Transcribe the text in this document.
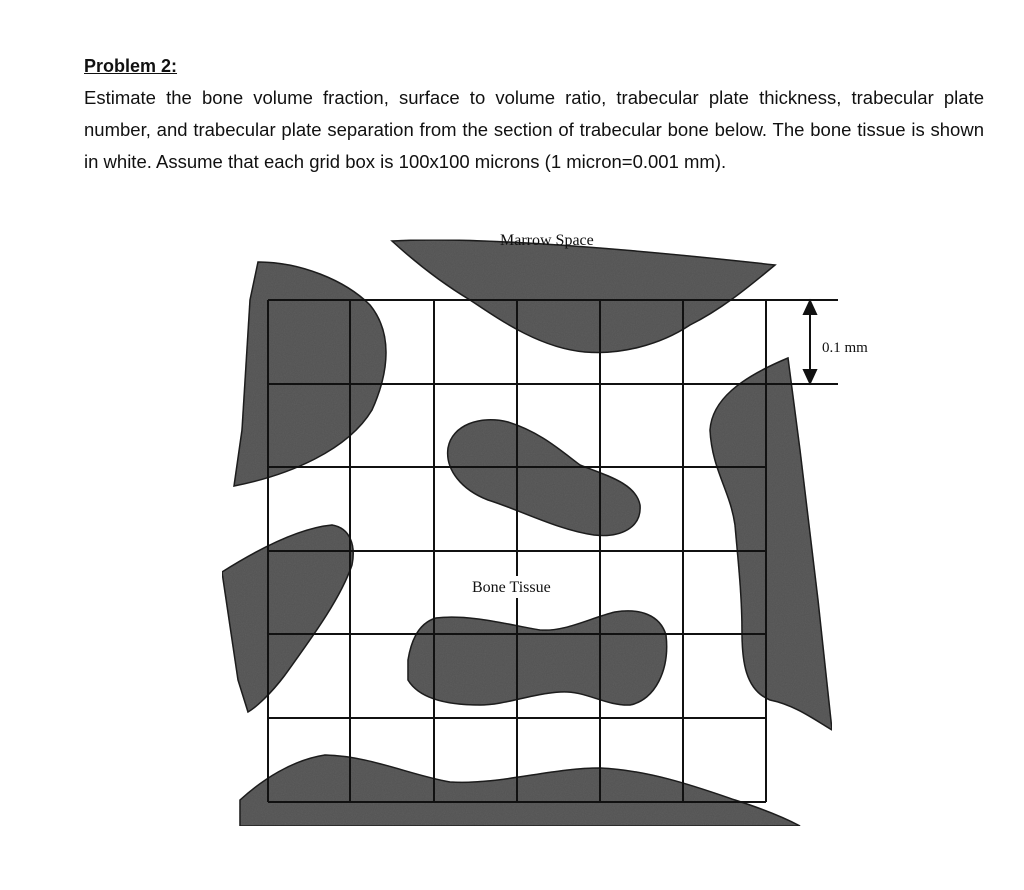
Problem 2:

Estimate the bone volume fraction, surface to volume ratio, trabecular plate thickness, trabecular plate number, and trabecular plate separation from the section of trabecular bone below. The bone tissue is shown in white. Assume that each grid box is 100x100 microns (1 micron=0.001 mm).

Marrow Space
Bone Tissue
0.1 mm
